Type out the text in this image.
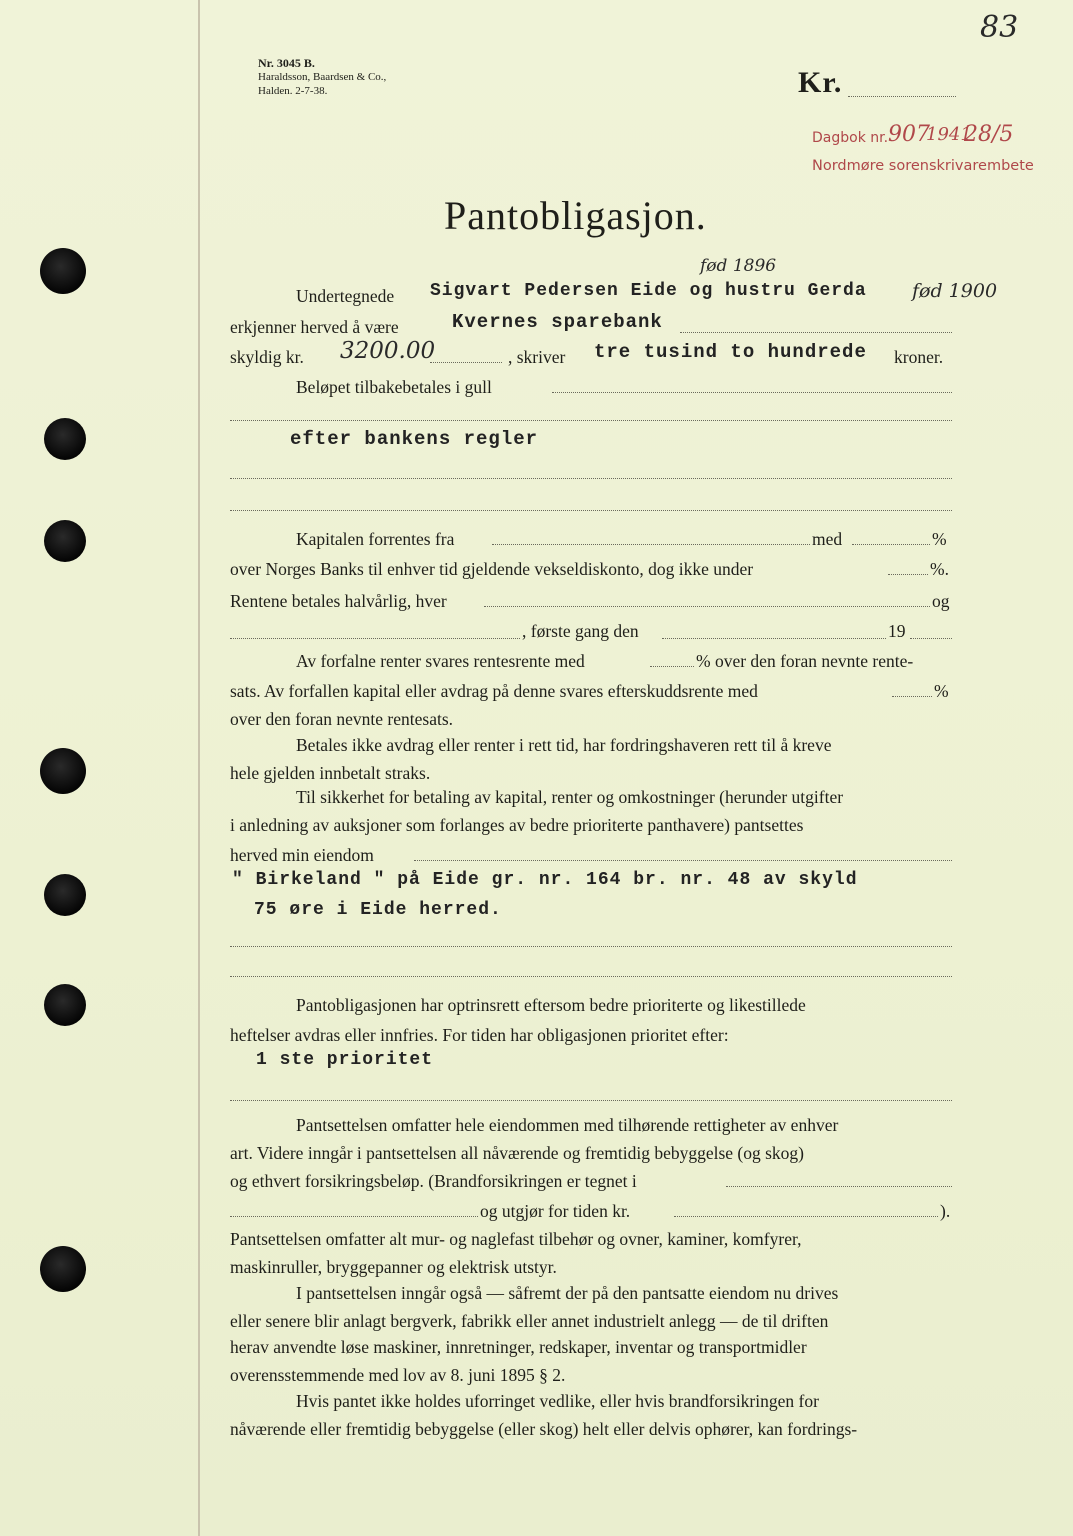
83
Nr. 3045 B.
Haraldsson, Baardsen & Co.,
Halden. 2-7-38.	Kr.
Dagbok nr. 907
1941
28/5
Nordmøre sorenskrivarembete
Pantobligasjon.
Undertegnede Sigvart Pedersen Eide og hustru Gerda
fød 1896
fød 1900
erkjenner herved å være	Kvernes sparebank
skyldig kr. 3200.00	, skriver tre tusind to hundrede kroner.
Beløpet tilbakebetales i gull
efter bankens regler
Kapitalen forrentes fra	med	%
over Norges Banks til enhver tid gjeldende vekseldiskonto, dog ikke under	%.
Rentene betales halvårlig, hver	og
, første gang den	19
Av forfalne renter svares rentesrente med	% over den foran nevnte rente-
sats. Av forfallen kapital eller avdrag på denne svares efterskuddsrente med	%
over den foran nevnte rentesats.
Betales ikke avdrag eller renter i rett tid, har fordringshaveren rett til å kreve
hele gjelden innbetalt straks.
Til sikkerhet for betaling av kapital, renter og omkostninger (herunder utgifter
i anledning av auksjoner som forlanges av bedre prioriterte panthavere) pantsettes
herved min eiendom
" Birkeland " på Eide gr. nr. 164 br. nr. 48 av skyld
75 øre i Eide herred.
Pantobligasjonen har optrinsrett eftersom bedre prioriterte og likestillede
heftelser avdras eller innfries. For tiden har obligasjonen prioritet efter:
1 ste prioritet
Pantsettelsen omfatter hele eiendommen med tilhørende rettigheter av enhver
art. Videre inngår i pantsettelsen all nåværende og fremtidig bebyggelse (og skog)
og ethvert forsikringsbeløp. (Brandforsikringen er tegnet i
og utgjør for tiden kr.	).
Pantsettelsen omfatter alt mur- og naglefast tilbehør og ovner, kaminer, komfyrer,
maskinruller, bryggepanner og elektrisk utstyr.
I pantsettelsen inngår også — såfremt der på den pantsatte eiendom nu drives
eller senere blir anlagt bergverk, fabrikk eller annet industrielt anlegg — de til driften
herav anvendte løse maskiner, innretninger, redskaper, inventar og transportmidler
overensstemmende med lov av 8. juni 1895 § 2.
Hvis pantet ikke holdes uforringet vedlike, eller hvis brandforsikringen for
nåværende eller fremtidig bebyggelse (eller skog) helt eller delvis ophører, kan fordrings-
